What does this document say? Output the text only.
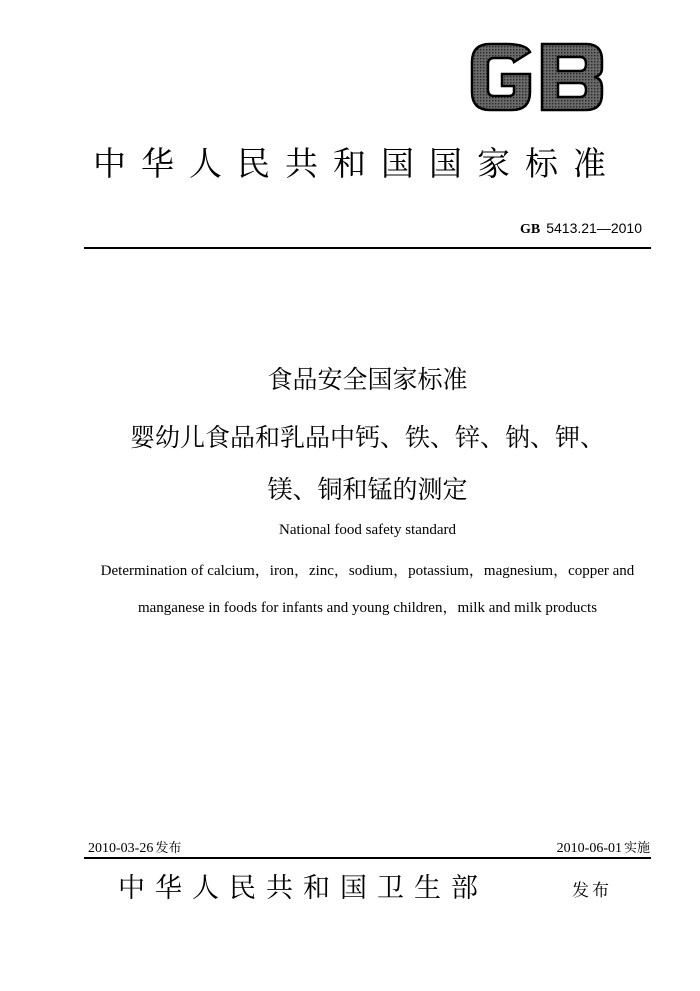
中华人民共和国国家标准
GB 5413.21—2010
食品安全国家标准
婴幼儿食品和乳品中钙、铁、锌、钠、钾、
镁、铜和锰的测定
National food safety standard
Determination of calcium，iron，zinc，sodium，potassium，magnesium，copper and
manganese in foods for infants and young children，milk and milk products
2010-03-26 发布	2010-06-01 实施
中华人民共和国卫生部	发布
